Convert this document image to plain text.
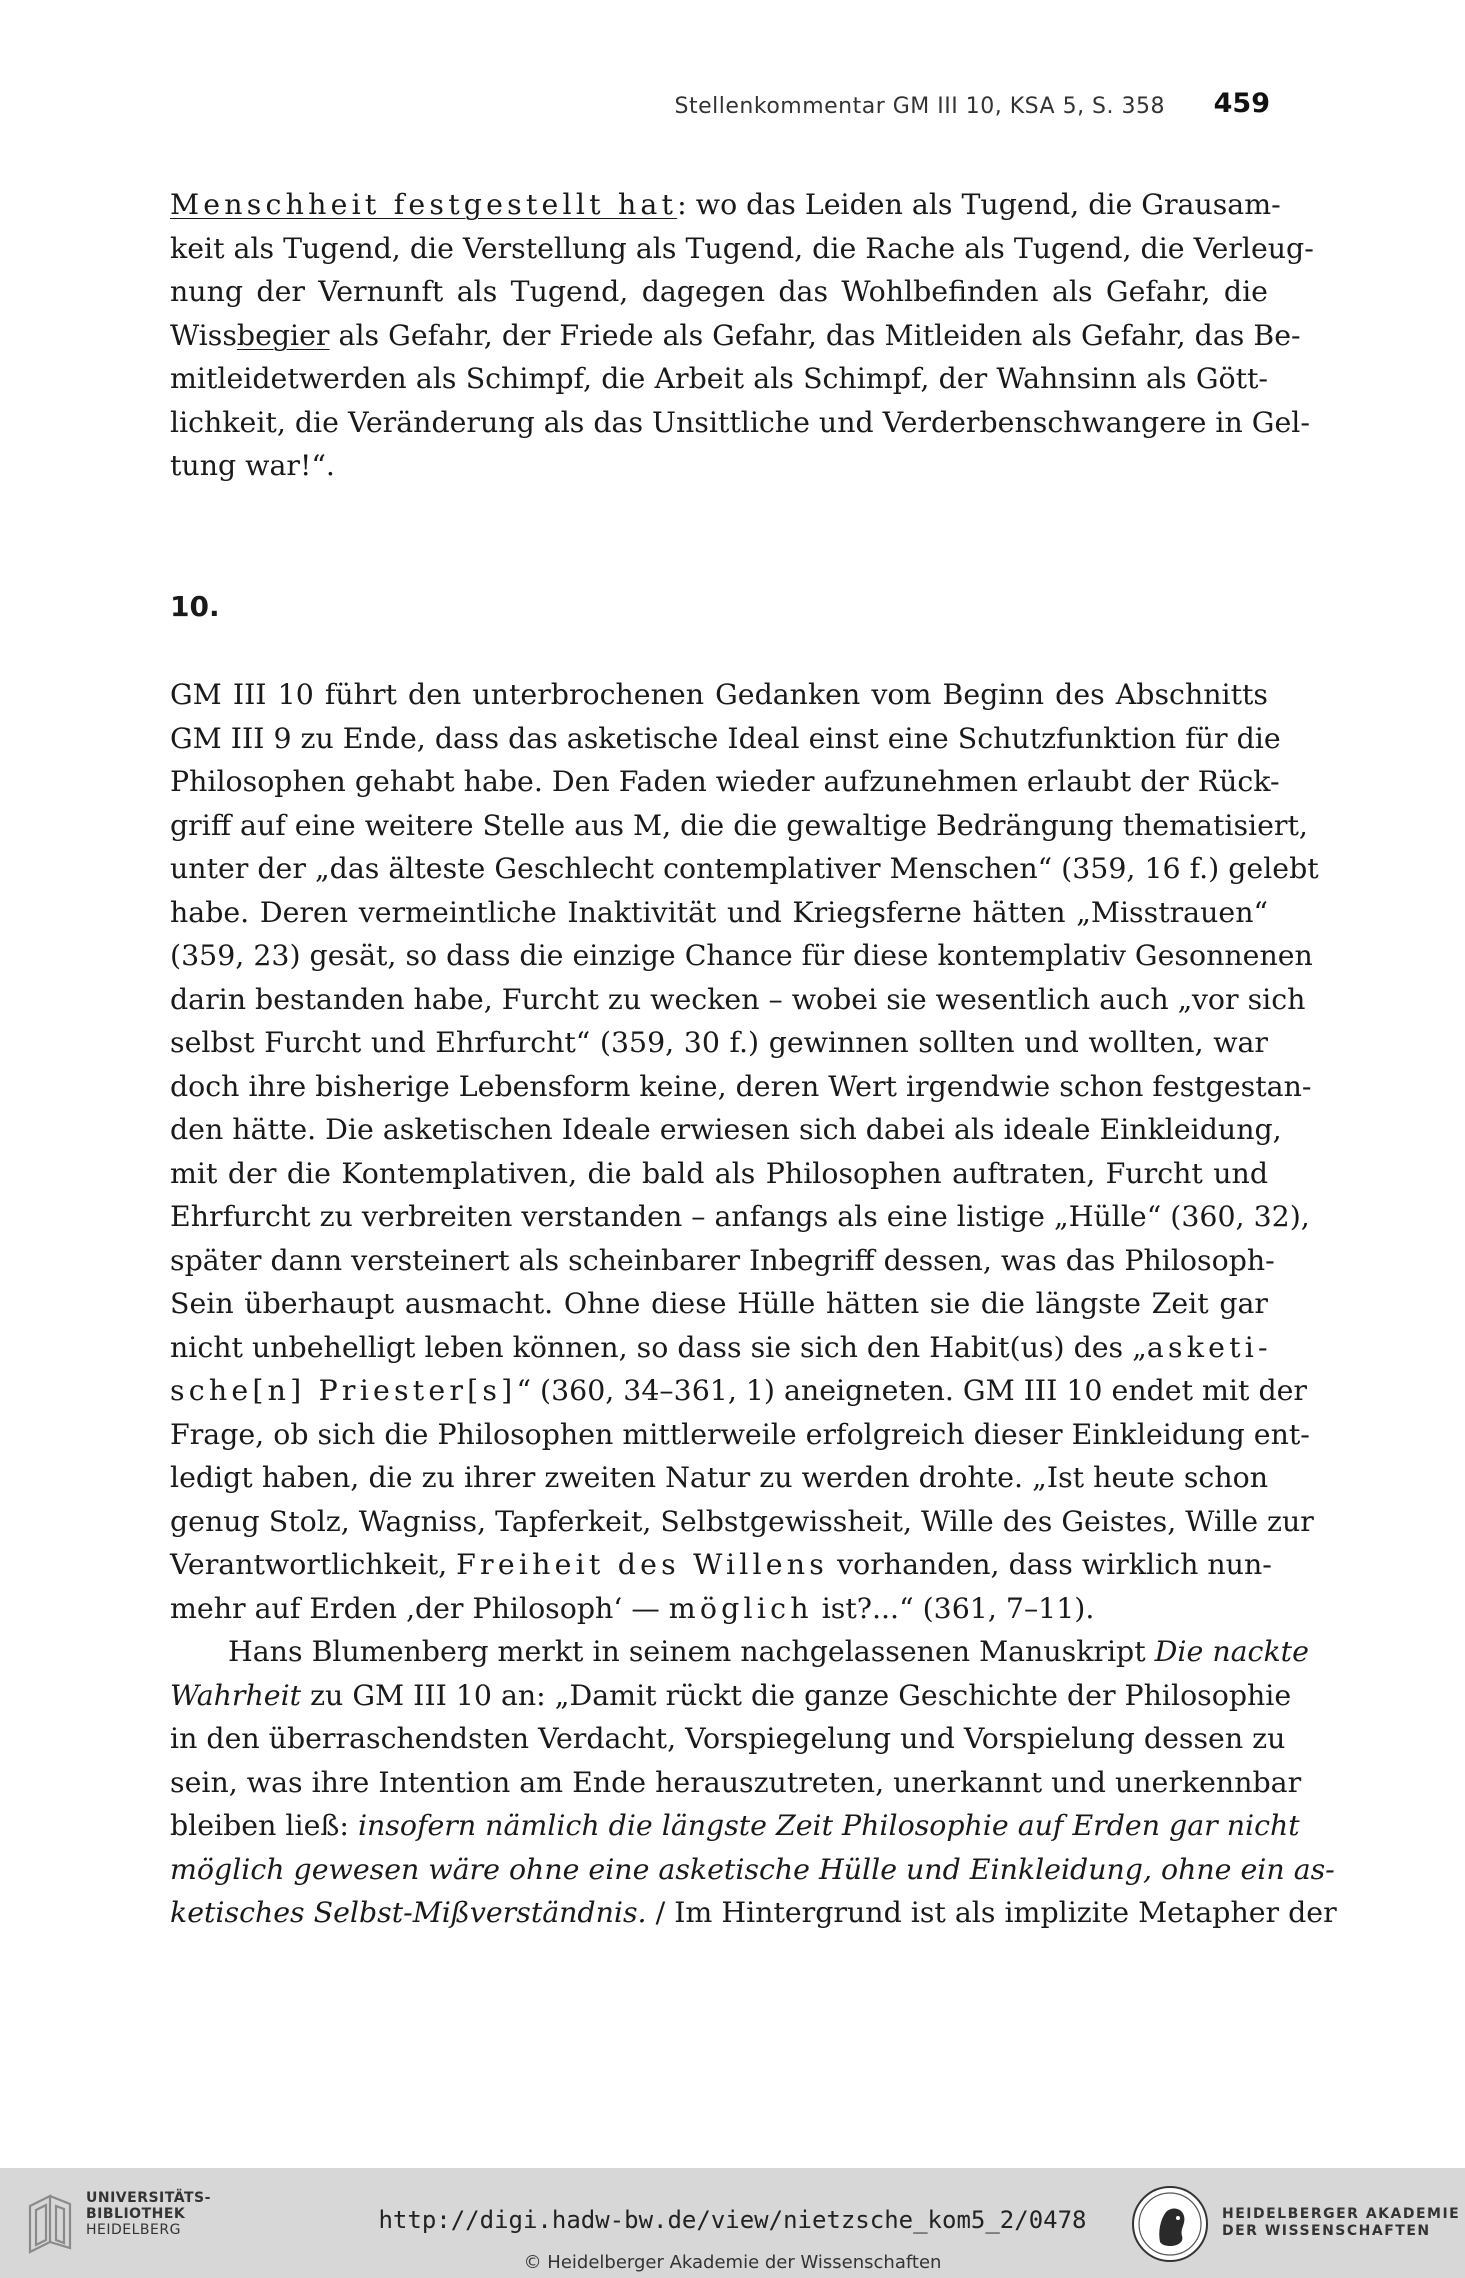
Stellenkommentar GM III 10, KSA 5, S. 358 459
Menschheit festgestellt hat: wo das Leiden als Tugend, die Grausam-
keit als Tugend, die Verstellung als Tugend, die Rache als Tugend, die Verleug-
nung der Vernunft als Tugend, dagegen das Wohlbefinden als Gefahr, die
Wissbegier als Gefahr, der Friede als Gefahr, das Mitleiden als Gefahr, das Be-
mitleidetwerden als Schimpf, die Arbeit als Schimpf, der Wahnsinn als Gött-
lichkeit, die Veränderung als das Unsittliche und Verderbenschwangere in Gel-
tung war!“.
10.
GM III 10 führt den unterbrochenen Gedanken vom Beginn des Abschnitts
GM III 9 zu Ende, dass das asketische Ideal einst eine Schutzfunktion für die
Philosophen gehabt habe. Den Faden wieder aufzunehmen erlaubt der Rück-
griff auf eine weitere Stelle aus M, die die gewaltige Bedrängung thematisiert,
unter der „das älteste Geschlecht contemplativer Menschen“ (359, 16 f.) gelebt
habe. Deren vermeintliche Inaktivität und Kriegsferne hätten „Misstrauen“
(359, 23) gesät, so dass die einzige Chance für diese kontemplativ Gesonnenen
darin bestanden habe, Furcht zu wecken – wobei sie wesentlich auch „vor sich
selbst Furcht und Ehrfurcht“ (359, 30 f.) gewinnen sollten und wollten, war
doch ihre bisherige Lebensform keine, deren Wert irgendwie schon festgestan-
den hätte. Die asketischen Ideale erwiesen sich dabei als ideale Einkleidung,
mit der die Kontemplativen, die bald als Philosophen auftraten, Furcht und
Ehrfurcht zu verbreiten verstanden – anfangs als eine listige „Hülle“ (360, 32),
später dann versteinert als scheinbarer Inbegriff dessen, was das Philosoph-
Sein überhaupt ausmacht. Ohne diese Hülle hätten sie die längste Zeit gar
nicht unbehelligt leben können, so dass sie sich den Habit(us) des „asketi-
sche[n] Priester[s]“ (360, 34–361, 1) aneigneten. GM III 10 endet mit der
Frage, ob sich die Philosophen mittlerweile erfolgreich dieser Einkleidung ent-
ledigt haben, die zu ihrer zweiten Natur zu werden drohte. „Ist heute schon
genug Stolz, Wagniss, Tapferkeit, Selbstgewissheit, Wille des Geistes, Wille zur
Verantwortlichkeit, Freiheit des Willens vorhanden, dass wirklich nun-
mehr auf Erden ‚der Philosoph‘ — möglich ist?...“ (361, 7–11).
Hans Blumenberg merkt in seinem nachgelassenen Manuskript Die nackte
Wahrheit zu GM III 10 an: „Damit rückt die ganze Geschichte der Philosophie
in den überraschendsten Verdacht, Vorspiegelung und Vorspielung dessen zu
sein, was ihre Intention am Ende herauszutreten, unerkannt und unerkennbar
bleiben ließ: insofern nämlich die längste Zeit Philosophie auf Erden gar nicht
möglich gewesen wäre ohne eine asketische Hülle und Einkleidung, ohne ein as-
ketisches Selbst-Mißverständnis. / Im Hintergrund ist als implizite Metapher der
UNIVERSITÄTS-
BIBLIOTHEK
HEIDELBERG	http://digi.hadw-bw.de/view/nietzsche_kom5_2/0478
© Heidelberger Akademie der Wissenschaften
HEIDELBERGER AKADEMIE
DER WISSENSCHAFTEN
